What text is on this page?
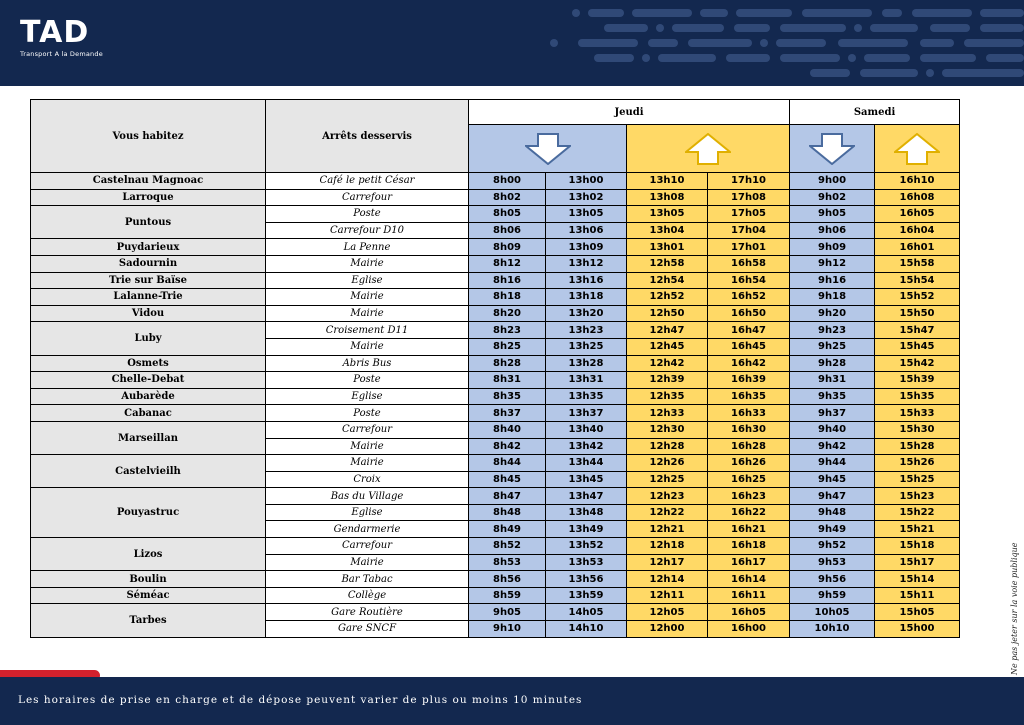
TAD
Transport A la Demande
Vous habitez	Arrêts desservis	Jeudi				Samedi	

Castelnau Magnoac	Café le petit César	8h00	13h00	13h10	17h10	9h00	16h10
Larroque	Carrefour	8h02	13h02	13h08	17h08	9h02	16h08
Puntous	Poste	8h05	13h05	13h05	17h05	9h05	16h05
	Carrefour D10	8h06	13h06	13h04	17h04	9h06	16h04
Puydarieux	La Penne	8h09	13h09	13h01	17h01	9h09	16h01
Sadournin	Mairie	8h12	13h12	12h58	16h58	9h12	15h58
Trie sur Baïse	Eglise	8h16	13h16	12h54	16h54	9h16	15h54
Lalanne-Trie	Mairie	8h18	13h18	12h52	16h52	9h18	15h52
Vidou	Mairie	8h20	13h20	12h50	16h50	9h20	15h50
Luby	Croisement D11	8h23	13h23	12h47	16h47	9h23	15h47
	Mairie	8h25	13h25	12h45	16h45	9h25	15h45
Osmets	Abris Bus	8h28	13h28	12h42	16h42	9h28	15h42
Chelle-Debat	Poste	8h31	13h31	12h39	16h39	9h31	15h39
Aubarède	Eglise	8h35	13h35	12h35	16h35	9h35	15h35
Cabanac	Poste	8h37	13h37	12h33	16h33	9h37	15h33
Marseillan	Carrefour	8h40	13h40	12h30	16h30	9h40	15h30
	Mairie	8h42	13h42	12h28	16h28	9h42	15h28
Castelvieilh	Mairie	8h44	13h44	12h26	16h26	9h44	15h26
	Croix	8h45	13h45	12h25	16h25	9h45	15h25
Pouyastruc	Bas du Village	8h47	13h47	12h23	16h23	9h47	15h23
	Eglise	8h48	13h48	12h22	16h22	9h48	15h22
	Gendarmerie	8h49	13h49	12h21	16h21	9h49	15h21
Lizos	Carrefour	8h52	13h52	12h18	16h18	9h52	15h18
	Mairie	8h53	13h53	12h17	16h17	9h53	15h17
Boulin	Bar Tabac	8h56	13h56	12h14	16h14	9h56	15h14
Séméac	Collège	8h59	13h59	12h11	16h11	9h59	15h11
Tarbes	Gare Routière	9h05	14h05	12h05	16h05	10h05	15h05
	Gare SNCF	9h10	14h10	12h00	16h00	10h10	15h00	Ne pas jeter sur la voie publique
Les horaires de prise en charge et de dépose peuvent varier de plus ou moins 10 minutes
